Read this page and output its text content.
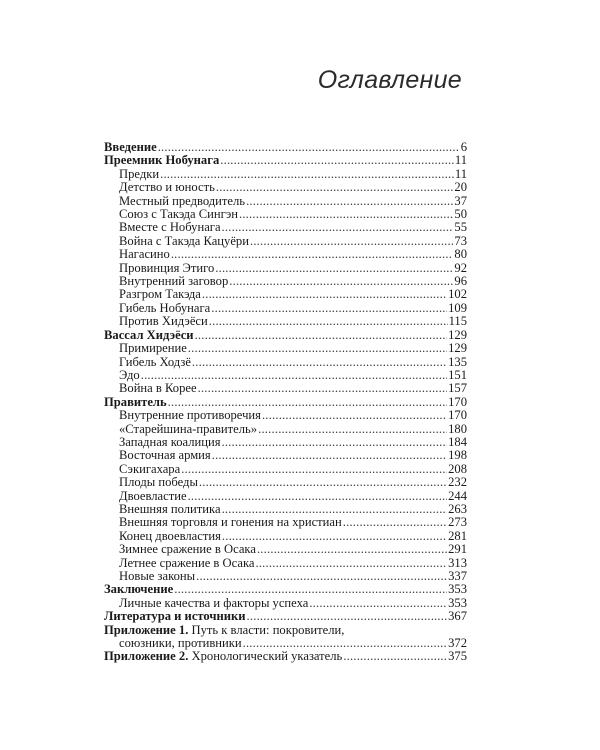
Оглавление
Введение .....	6
Преемник Нобунага .....	11
Предки .....	11
Детство и юность .....	20
Местный предводитель .....	37
Союз с Такэда Сингэн .....	50
Вместе с Нобунага .....	55
Война с Такэда Кацуёри .....	73
Нагасино .....	80
Провинция Этиго .....	92
Внутренний заговор .....	96
Разгром Такэда .....	102
Гибель Нобунага .....	109
Против Хидэёси .....	115
Вассал Хидэёси .....	129
Примирение .....	129
Гибель Ходзё .....	135
Эдо .....	151
Война в Корее .....	157
Правитель .....	170
Внутренние противоречия .....	170
«Старейшина-правитель» .....	180
Западная коалиция .....	184
Восточная армия .....	198
Сэкигахара .....	208
Плоды победы .....	232
Двоевластие .....	244
Внешняя политика .....	263
Внешняя торговля и гонения на христиан .....	273
Конец двоевластия .....	281
Зимнее сражение в Осака .....	291
Летнее сражение в Осака .....	313
Новые законы .....	337
Заключение .....	353
Личные качества и факторы успеха .....	353
Литература и источники .....	367
Приложение 1. Путь к власти: покровители,
союзники, противники .....	372
Приложение 2. Хронологический указатель .....	375
